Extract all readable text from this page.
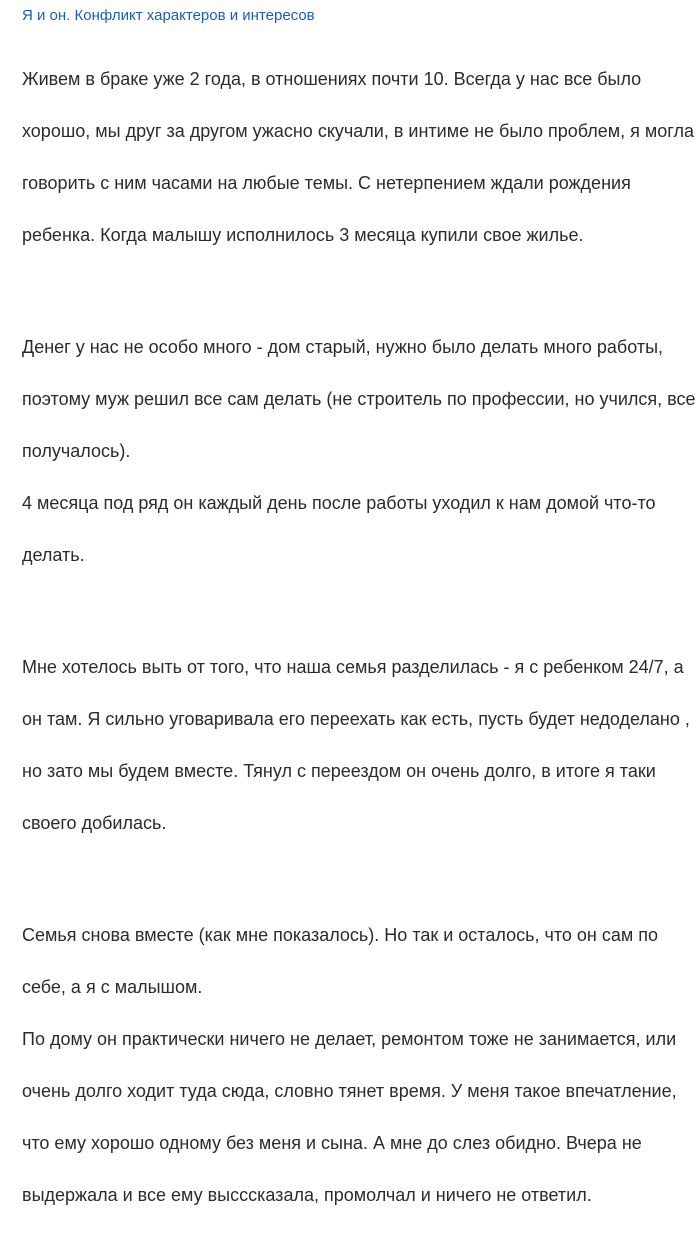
Я и он. Конфликт характеров и интересов

Живем в браке уже 2 года, в отношениях почти 10. Всегда у нас все было

хорошо, мы друг за другом ужасно скучали, в интиме не было проблем, я могла

говорить с ним часами на любые темы. С нетерпением ждали рождения

ребенка. Когда малышу исполнилось 3 месяца купили свое жилье.

Денег у нас не особо много - дом старый, нужно было делать много работы,

поэтому муж решил все сам делать (не строитель по профессии, но учился, все

получалось).

4 месяца под ряд он каждый день после работы уходил к нам домой что-то

делать.

Мне хотелось выть от того, что наша семья разделилась - я с ребенком 24/7, а

он там. Я сильно уговаривала его переехать как есть, пусть будет недоделано ,

но зато мы будем вместе. Тянул с переездом он очень долго, в итоге я таки

своего добилась.

Семья снова вместе (как мне показалось). Но так и осталось, что он сам по

себе, а я с малышом.

По дому он практически ничего не делает, ремонтом тоже не занимается, или

очень долго ходит туда сюда, словно тянет время. У меня такое впечатление,

что ему хорошо одному без меня и сына. А мне до слез обидно. Вчера не

выдержала и все ему высссказала, промолчал и ничего не ответил.
